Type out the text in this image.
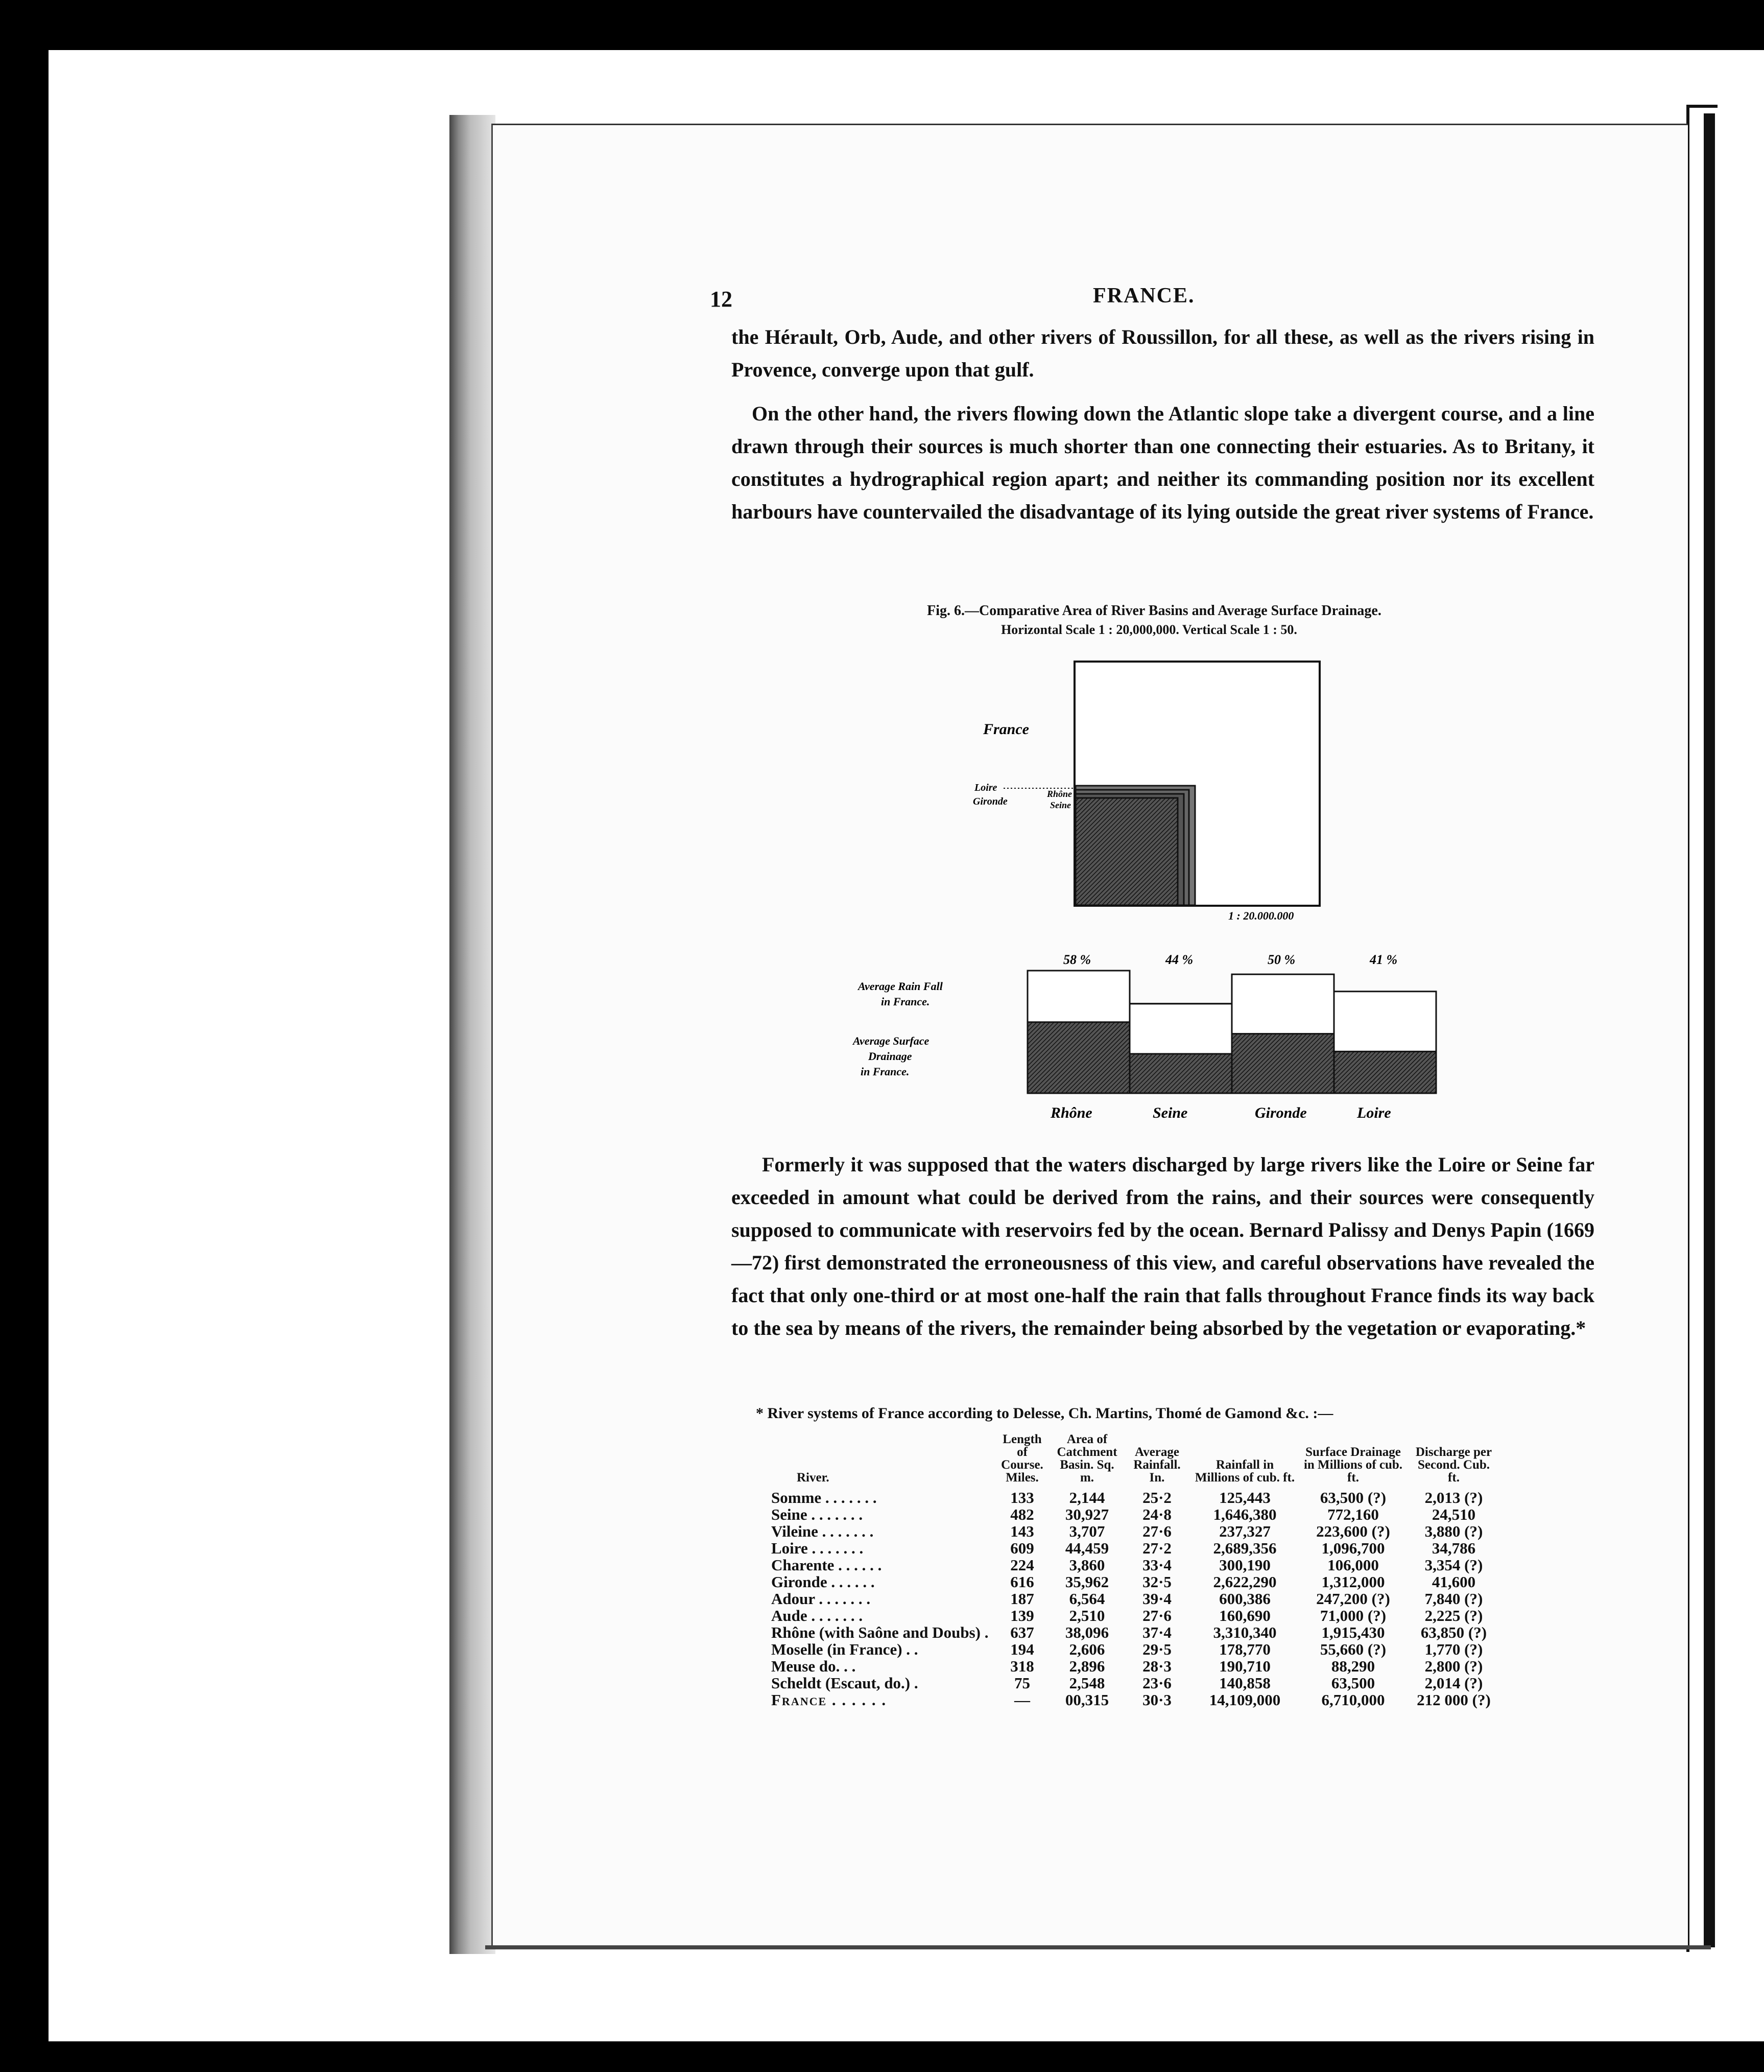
12	FRANCE.
the Hérault, Orb, Aude, and other rivers of Roussillon, for all these, as well as the rivers rising in Provence, converge upon that gulf.
On the other hand, the rivers flowing down the Atlantic slope take a divergent course, and a line drawn through their sources is much shorter than one connecting their estuaries. As to Britany, it constitutes a hydrographical region apart; and neither its commanding position nor its excellent harbours have countervailed the disadvantage of its lying outside the great river systems of France.
Fig. 6.—Comparative Area of River Basins and Average Surface Drainage.
Horizontal Scale 1 : 20,000,000. Vertical Scale 1 : 50.
France
Loire
Gironde
Rhône
Seine
1 : 20.000.000
58 %	44 %	50 %	41 %
Rhône	Seine	Gironde	Loire
Average Rain Fall
in France.
Average Surface
Drainage
in France.
Formerly it was supposed that the waters discharged by large rivers like the Loire or Seine far exceeded in amount what could be derived from the rains, and their sources were consequently supposed to communicate with reservoirs fed by the ocean. Bernard Palissy and Denys Papin (1669—72) first demonstrated the erroneousness of this view, and careful observations have revealed the fact that only one-third or at most one-half the rain that falls throughout France finds its way back to the sea by means of the rivers, the remainder being absorbed by the vegetation or evaporating.*
* River systems of France according to Delesse, Ch. Martins, Thomé de Gamond &c. :—
River.	Length of Course. Miles.	Area of Catchment Basin. Sq. m.	Average Rainfall. In.	Rainfall in Millions of cub. ft.	Surface Drainage in Millions of cub. ft.	Discharge per Second. Cub. ft.
Somme . . . . . . .	133	2,144	25·2	125,443	63,500 (?)	2,013 (?)
Seine . . . . . . .	482	30,927	24·8	1,646,380	772,160	24,510
Vileine . . . . . . .	143	3,707	27·6	237,327	223,600 (?)	3,880 (?)
Loire . . . . . . .	609	44,459	27·2	2,689,356	1,096,700	34,786
Charente . . . . . .	224	3,860	33·4	300,190	106,000	3,354 (?)
Gironde . . . . . .	616	35,962	32·5	2,622,290	1,312,000	41,600
Adour . . . . . . .	187	6,564	39·4	600,386	247,200 (?)	7,840 (?)
Aude . . . . . . .	139	2,510	27·6	160,690	71,000 (?)	2,225 (?)
Rhône (with Saône and Doubs) .	637	38,096	37·4	3,310,340	1,915,430	63,850 (?)
Moselle (in France) . .	194	2,606	29·5	178,770	55,660 (?)	1,770 (?)
Meuse do. . .	318	2,896	28·3	190,710	88,290	2,800 (?)
Scheldt (Escaut, do.) .	75	2,548	23·6	140,858	63,500	2,014 (?)
France . . . . . .	—	00,315	30·3	14,109,000	6,710,000	212 000 (?)
